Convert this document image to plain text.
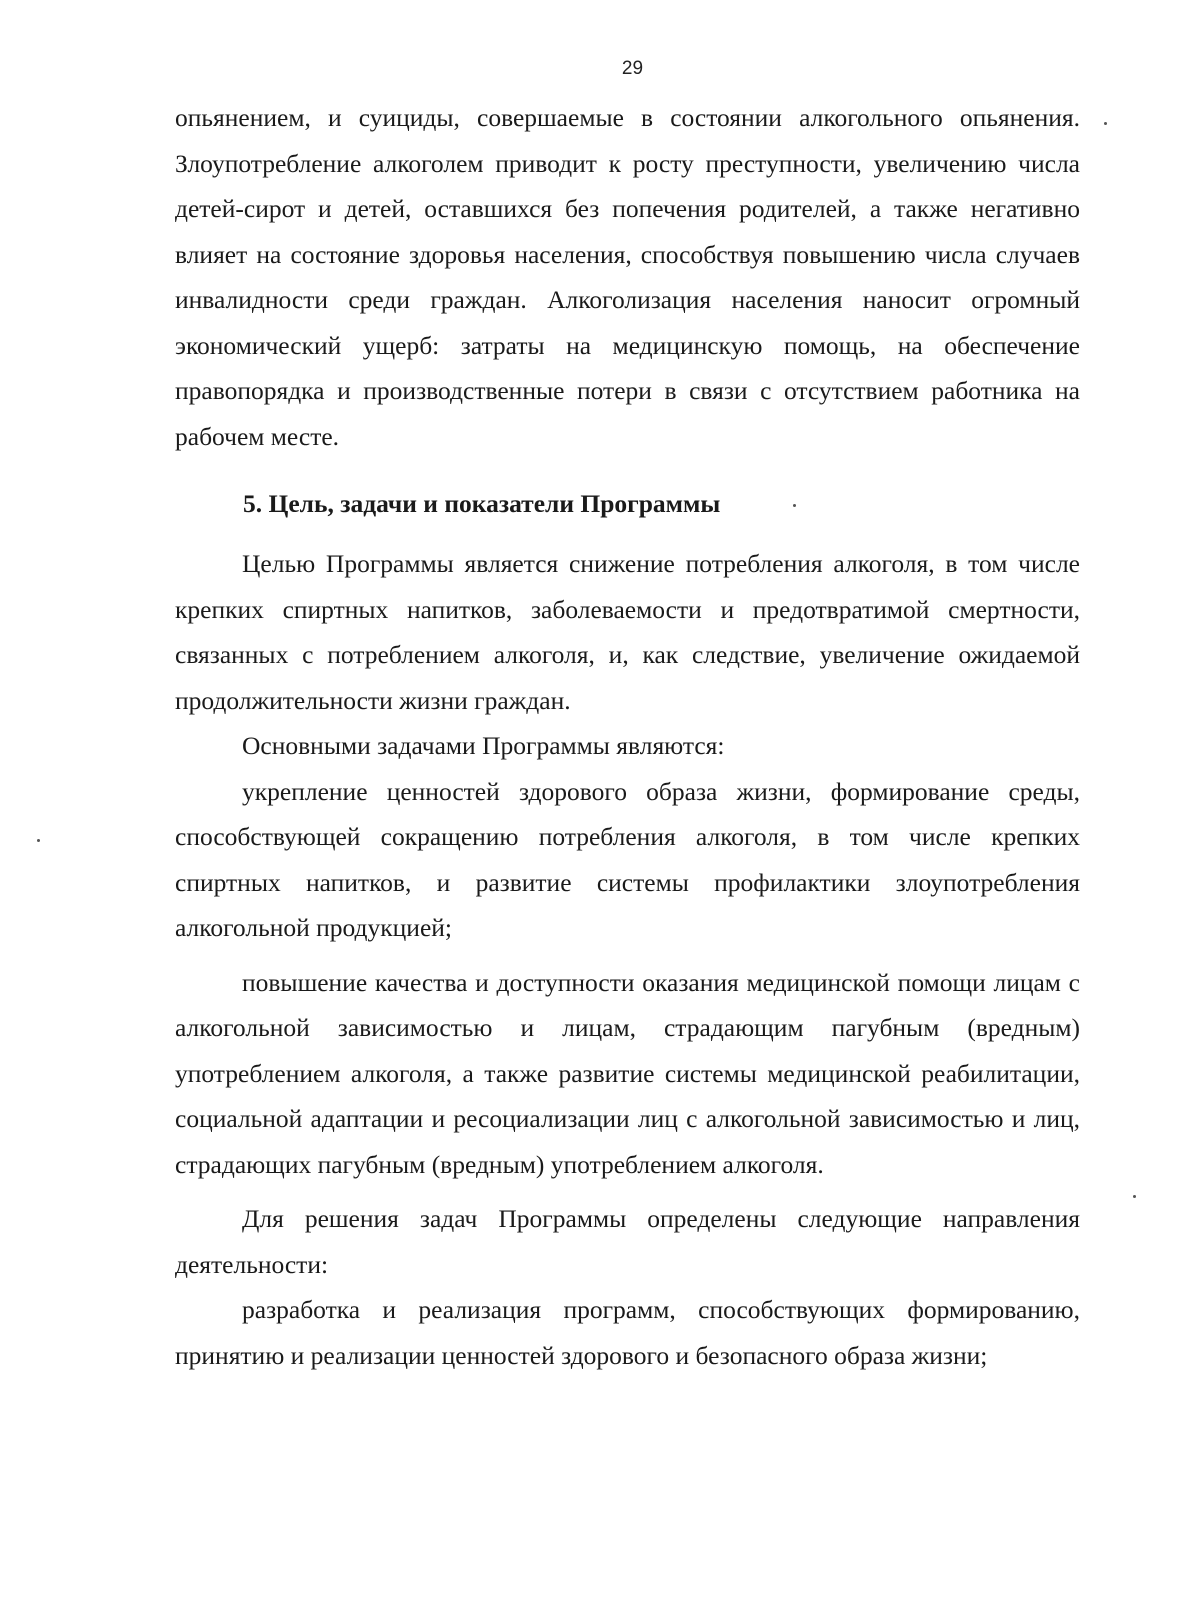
29

опьянением, и суициды, совершаемые в состоянии алкогольного опьянения. Злоупотребление алкоголем приводит к росту преступности, увеличению числа детей-сирот и детей, оставшихся без попечения родителей, а также негативно влияет на состояние здоровья населения, способствуя повышению числа случаев инвалидности среди граждан. Алкоголизация населения наносит огромный экономический ущерб: затраты на медицинскую помощь, на обеспечение правопорядка и производственные потери в связи с отсутствием работника на рабочем месте.

5. Цель, задачи и показатели Программы

Целью Программы является снижение потребления алкоголя, в том числе крепких спиртных напитков, заболеваемости и предотвратимой смертности, связанных с потреблением алкоголя, и, как следствие, увеличение ожидаемой продолжительности жизни граждан.

Основными задачами Программы являются:

укрепление ценностей здорового образа жизни, формирование среды, способствующей сокращению потребления алкоголя, в том числе крепких спиртных напитков, и развитие системы профилактики злоупотребления алкогольной продукцией;

повышение качества и доступности оказания медицинской помощи лицам с алкогольной зависимостью и лицам, страдающим пагубным (вредным) употреблением алкоголя, а также развитие системы медицинской реабилитации, социальной адаптации и ресоциализации лиц с алкогольной зависимостью и лиц, страдающих пагубным (вредным) употреблением алкоголя.

Для решения задач Программы определены следующие направления деятельности:

разработка и реализация программ, способствующих формированию, принятию и реализации ценностей здорового и безопасного образа жизни;
